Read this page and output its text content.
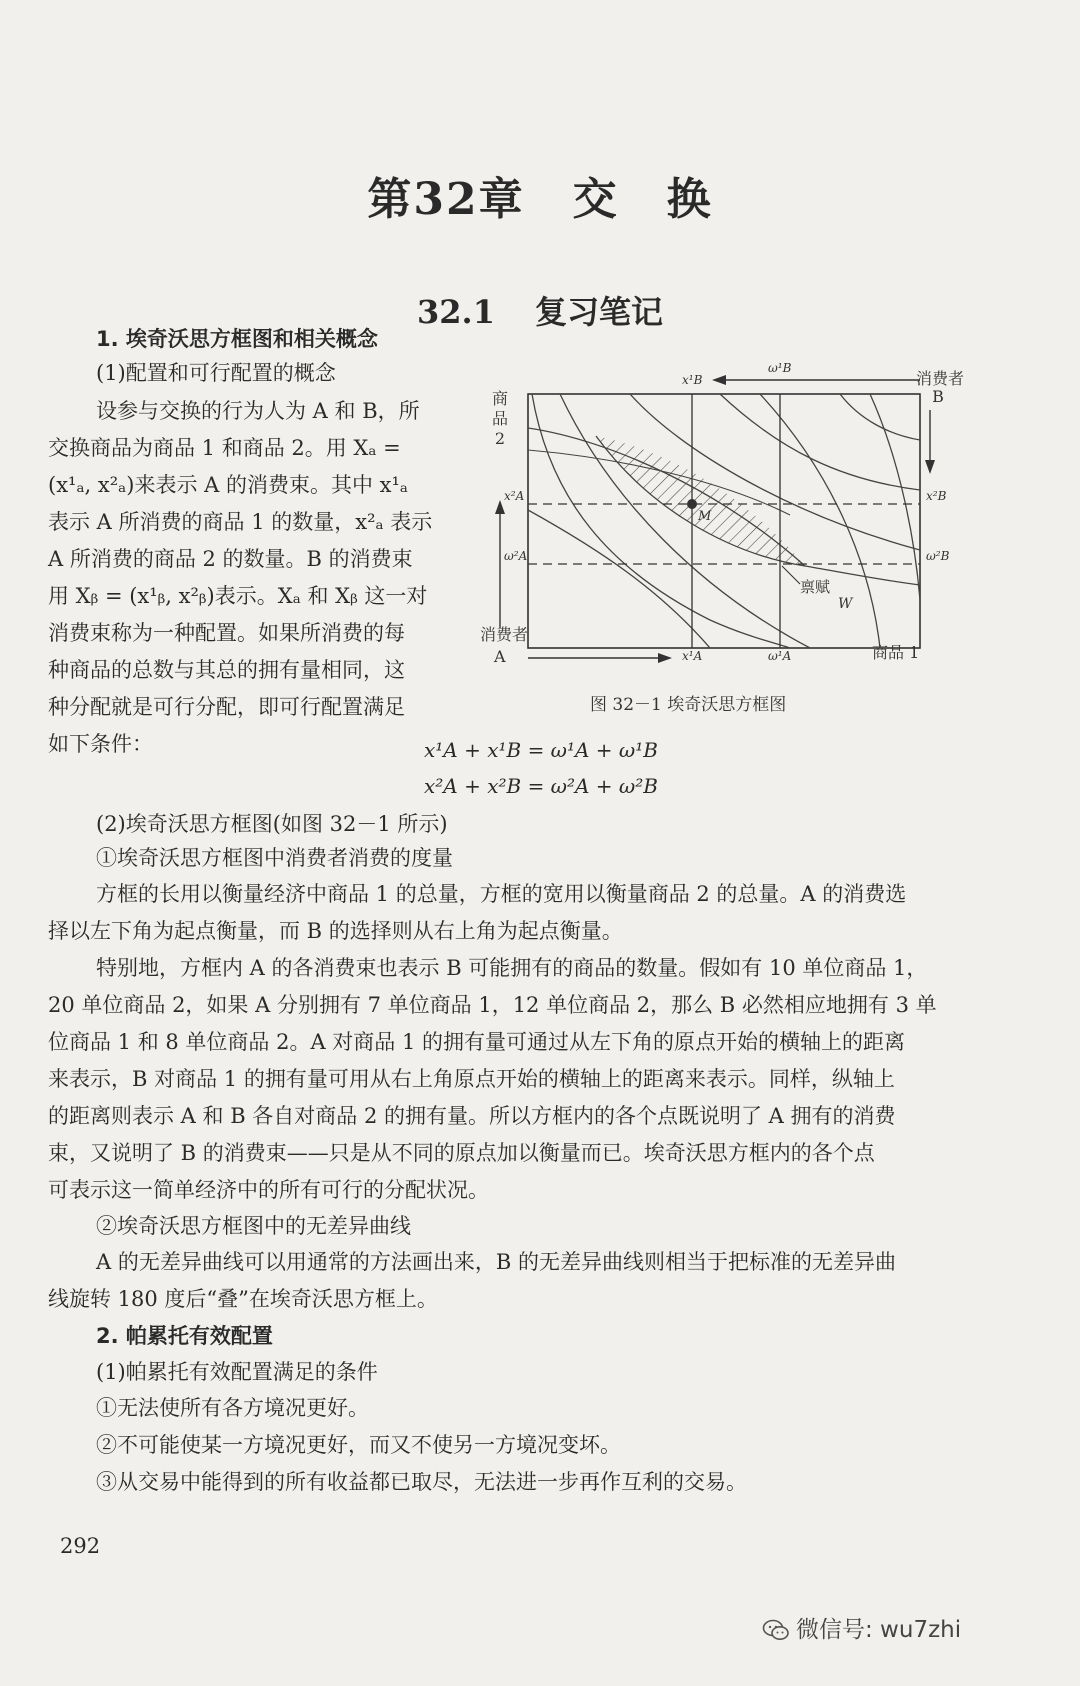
第32章 交 换
32.1 复习笔记
1. 埃奇沃思方框图和相关概念
(1)配置和可行配置的概念
设参与交换的行为人为 A 和 B，所
交换商品为商品 1 和商品 2。用 Xₐ =
(x¹ₐ, x²ₐ)来表示 A 的消费束。其中 x¹ₐ
表示 A 所消费的商品 1 的数量，x²ₐ 表示
A 所消费的商品 2 的数量。B 的消费束
用 Xᵦ = (x¹ᵦ, x²ᵦ)表示。Xₐ 和 Xᵦ 这一对
消费束称为一种配置。如果所消费的每
种商品的总数与其总的拥有量相同，这
种分配就是可行分配，即可行配置满足
如下条件：
商
品
2
消费者
A
消费者
B
商品 1
禀赋
W
M
x²A
ω²A
x¹A	ω¹A
x¹B
ω¹B
x²B
ω²B
图 32－1 埃奇沃思方框图
x¹A + x¹B = ω¹A + ω¹B
x²A + x²B = ω²A + ω²B
(2)埃奇沃思方框图(如图 32－1 所示)
①埃奇沃思方框图中消费者消费的度量
方框的长用以衡量经济中商品 1 的总量，方框的宽用以衡量商品 2 的总量。A 的消费选
择以左下角为起点衡量，而 B 的选择则从右上角为起点衡量。
特别地，方框内 A 的各消费束也表示 B 可能拥有的商品的数量。假如有 10 单位商品 1，
20 单位商品 2，如果 A 分别拥有 7 单位商品 1，12 单位商品 2，那么 B 必然相应地拥有 3 单
位商品 1 和 8 单位商品 2。A 对商品 1 的拥有量可通过从左下角的原点开始的横轴上的距离
来表示，B 对商品 1 的拥有量可用从右上角原点开始的横轴上的距离来表示。同样，纵轴上
的距离则表示 A 和 B 各自对商品 2 的拥有量。所以方框内的各个点既说明了 A 拥有的消费
束，又说明了 B 的消费束——只是从不同的原点加以衡量而已。埃奇沃思方框内的各个点
可表示这一简单经济中的所有可行的分配状况。
②埃奇沃思方框图中的无差异曲线
A 的无差异曲线可以用通常的方法画出来，B 的无差异曲线则相当于把标准的无差异曲
线旋转 180 度后“叠”在埃奇沃思方框上。
2. 帕累托有效配置
(1)帕累托有效配置满足的条件
①无法使所有各方境况更好。
②不可能使某一方境况更好，而又不使另一方境况变坏。
③从交易中能得到的所有收益都已取尽，无法进一步再作互利的交易。
292
微信号: wu7zhi
